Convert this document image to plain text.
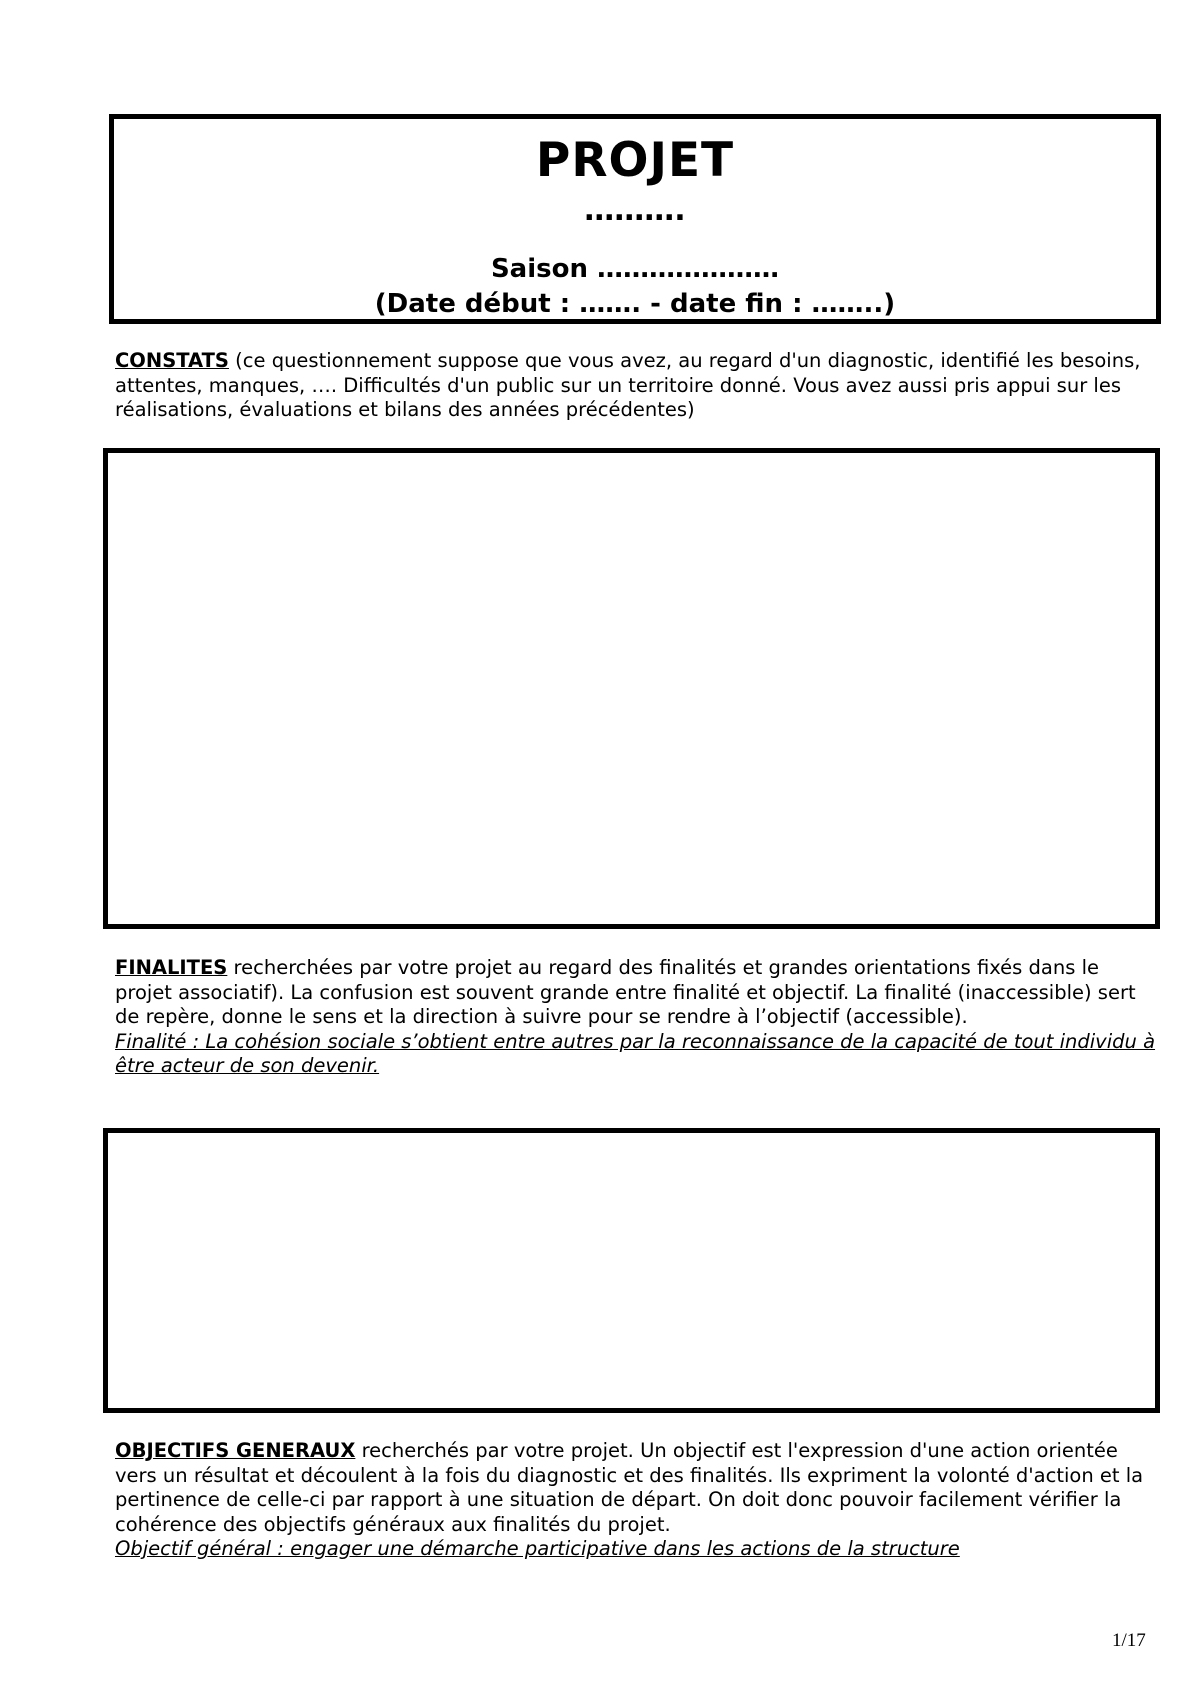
PROJET
……….
Saison …………………
(Date début : ……. - date fin : ……..)
CONSTATS (ce questionnement suppose que vous avez, au regard d'un diagnostic, identifié les besoins, attentes, manques, …. Difficultés d'un public sur un territoire donné. Vous avez aussi pris appui sur les réalisations, évaluations et bilans des années précédentes)
FINALITES recherchées par votre projet au regard des finalités et grandes orientations fixés dans le projet associatif). La confusion est souvent grande entre finalité et objectif. La finalité (inaccessible) sert de repère, donne le sens et la direction à suivre pour se rendre à l’objectif (accessible).
Finalité : La cohésion sociale s’obtient entre autres par la reconnaissance de la capacité de tout individu à être acteur de son devenir.
OBJECTIFS GENERAUX recherchés par votre projet. Un objectif est l'expression d'une action orientée vers un résultat et découlent à la fois du diagnostic et des finalités. Ils expriment la volonté d'action et la pertinence de celle-ci par rapport à une situation de départ. On doit donc pouvoir facilement vérifier la cohérence des objectifs généraux aux finalités du projet.
Objectif général : engager une démarche participative dans les actions de la structure
1/17
